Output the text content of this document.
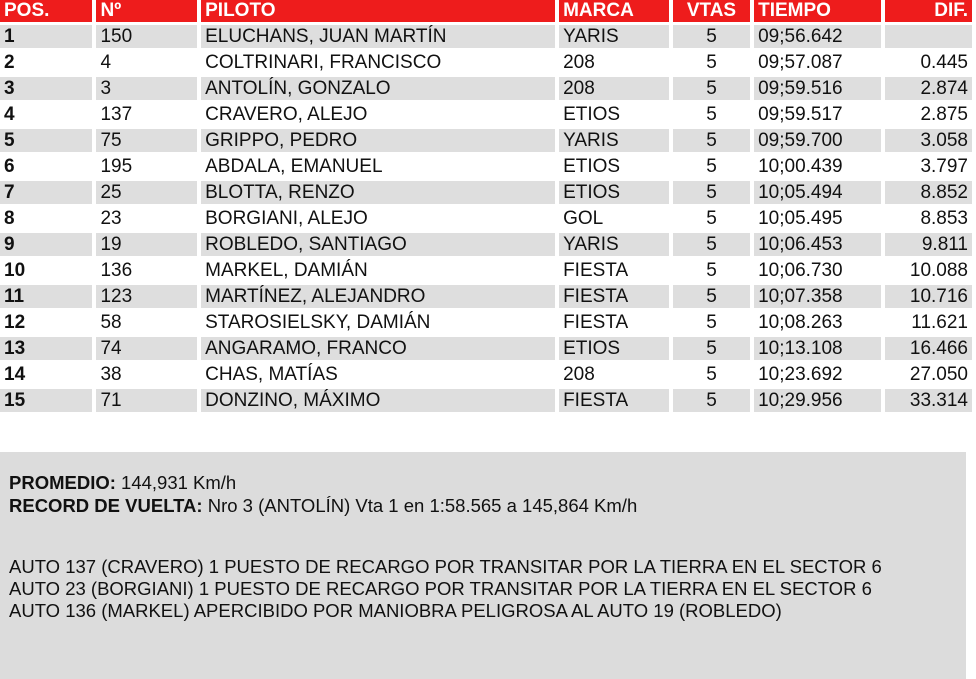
POS.	Nº	PILOTO	MARCA	VTAS	TIEMPO	DIF.
1	150	ELUCHANS, JUAN MARTÍN	YARIS	5	09;56.642	
2	4	COLTRINARI, FRANCISCO	208	5	09;57.087	0.445
3	3	ANTOLÍN, GONZALO	208	5	09;59.516	2.874
4	137	CRAVERO, ALEJO	ETIOS	5	09;59.517	2.875
5	75	GRIPPO, PEDRO	YARIS	5	09;59.700	3.058
6	195	ABDALA, EMANUEL	ETIOS	5	10;00.439	3.797
7	25	BLOTTA, RENZO	ETIOS	5	10;05.494	8.852
8	23	BORGIANI, ALEJO	GOL	5	10;05.495	8.853
9	19	ROBLEDO, SANTIAGO	YARIS	5	10;06.453	9.811
10	136	MARKEL, DAMIÁN	FIESTA	5	10;06.730	10.088
11	123	MARTÍNEZ, ALEJANDRO	FIESTA	5	10;07.358	10.716
12	58	STAROSIELSKY, DAMIÁN	FIESTA	5	10;08.263	11.621
13	74	ANGARAMO, FRANCO	ETIOS	5	10;13.108	16.466
14	38	CHAS, MATÍAS	208	5	10;23.692	27.050
15	71	DONZINO, MÁXIMO	FIESTA	5	10;29.956	33.314
PROMEDIO: 144,931 Km/h
RECORD DE VUELTA: Nro 3 (ANTOLÍN) Vta 1 en 1:58.565 a 145,864 Km/h
AUTO 137 (CRAVERO) 1 PUESTO DE RECARGO POR TRANSITAR POR LA TIERRA EN EL SECTOR 6
AUTO 23 (BORGIANI) 1 PUESTO DE RECARGO POR TRANSITAR POR LA TIERRA EN EL SECTOR 6
AUTO 136 (MARKEL) APERCIBIDO POR MANIOBRA PELIGROSA AL AUTO 19 (ROBLEDO)
